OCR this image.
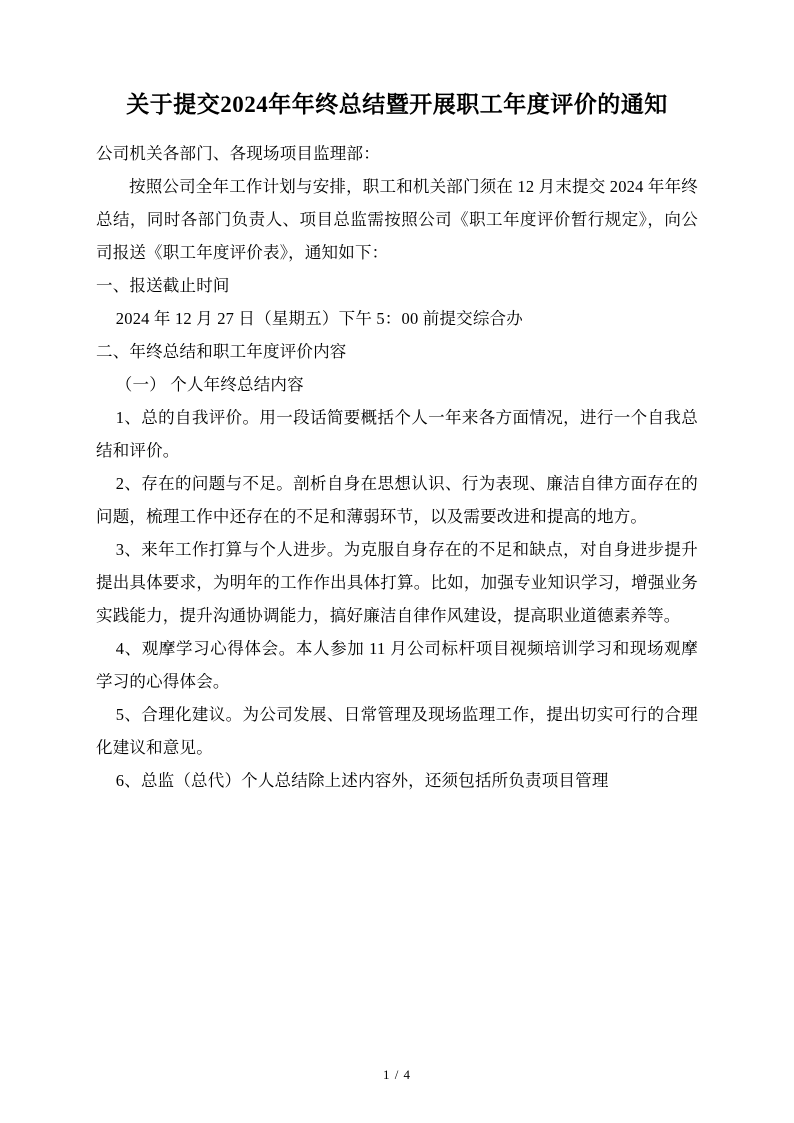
关于提交2024年年终总结暨开展职工年度评价的通知

公司机关各部门、各现场项目监理部：

按照公司全年工作计划与安排，职工和机关部门须在 12 月末提交 2024 年年终总结，同时各部门负责人、项目总监需按照公司《职工年度评价暂行规定》，向公司报送《职工年度评价表》，通知如下：

一、报送截止时间

2024 年 12 月 27 日（星期五）下午 5：00 前提交综合办

二、年终总结和职工年度评价内容

（一） 个人年终总结内容

1、总的自我评价。用一段话简要概括个人一年来各方面情况，进行一个自我总结和评价。

2、存在的问题与不足。剖析自身在思想认识、行为表现、廉洁自律方面存在的问题，梳理工作中还存在的不足和薄弱环节，以及需要改进和提高的地方。

3、来年工作打算与个人进步。为克服自身存在的不足和缺点，对自身进步提升提出具体要求，为明年的工作作出具体打算。比如，加强专业知识学习，增强业务实践能力，提升沟通协调能力，搞好廉洁自律作风建设，提高职业道德素养等。

4、观摩学习心得体会。本人参加 11 月公司标杆项目视频培训学习和现场观摩学习的心得体会。

5、合理化建议。为公司发展、日常管理及现场监理工作，提出切实可行的合理化建议和意见。

6、总监（总代）个人总结除上述内容外，还须包括所负责项目管理

1 / 4
